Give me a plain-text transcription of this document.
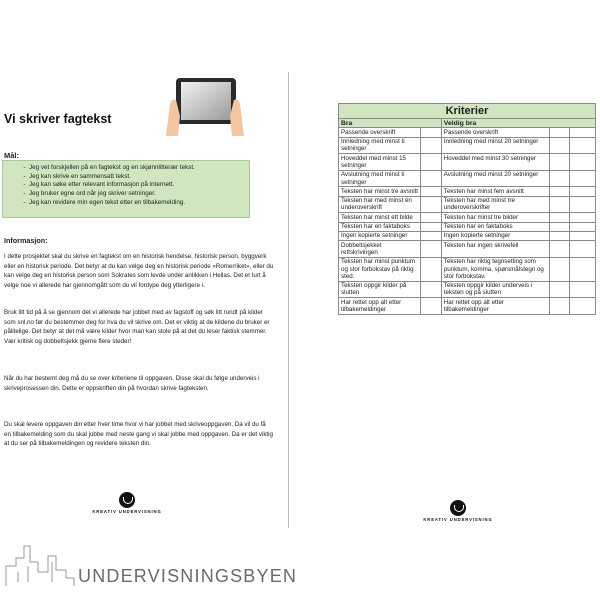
Vi skriver fagtekst
Mål:
- Jeg vet forskjellen på en fagtekst og en skjønnlitterær tekst.
- Jeg kan skrive en sammensatt tekst.
- Jeg kan søke etter relevant informasjon på internett.
- Jeg bruker egne ord når jeg skriver setninger.
- Jeg kan revidere min egen tekst etter en tilbakemelding.
Informasjon:
I dette prosjektet skal du skrive en fagtekst om en historisk hendelse, historisk person, byggverk eller en historisk periode. Det betyr at du kan velge deg en historisk periode «Romerriket», eller du kan velge deg en historisk person som Sokrates som levde under antikken i Hellas. Det er lurt å velge noe vi allerede har gjennomgått som du vil fordype deg ytterligere i.
Bruk litt tid på å se gjennom det vi allerede har jobbet med av fagstoff og søk litt rundt på kilder som snl.no før du bestemmer deg for hva du vil skrive om. Det er viktig at de kildene du bruker er pålitelige. Det betyr at det må være kilder hvor man kan stole på at det du leser faktisk stemmer. Vær kritisk og dobbeltsjekk gjerne flere steder!
Når du har bestemt deg må du se over kriteriene til oppgaven. Disse skal du følge underveis i skriveprosessen din. Dette er oppskriften din på hvordan skrive fagteksten.
Du skal levere oppgaven din etter hver time hvor vi har jobbet med skriveoppgaven. Da vil du få en tilbakemelding som du skal jobbe med neste gang vi skal jobbe med oppgaven. Da er det viktig at du ser på tilbakemeldingen og revidere teksten din.
KREATIV UNDERVISNING
Kriterier				
Bra		Veldig bra		
Passende overskrift		Passende overskrift		
Innledning med minst ti setninger		Innledning med minst 20 setninger		
Hoveddel med minst 15 setninger		Hoveddel med minst 30 setninger		
Avslutning med minst ti setninger		Avslutning med minst 20 setninger		
Teksten har minst tre avsnitt		Teksten har minst fem avsnitt		
Teksten har med minst én underoverskrift		Teksten har med minst tre underoverskrifter		
Teksten har minst ett bilde		Teksten har minst tre bilder		
Teksten har en faktaboks		Teksten har en faktaboks		
Ingen kopierte setninger		Ingen kopierte setninger		
Dobbeltsjekket rettskrivingen		Teksten har ingen skrivefeil		
Teksten har minst punktum og stor forbokstav på riktig sted.		Teksten har riktig tegnsetting som punktum, komma, spørsmålstegn og stor forbokstav.		
Teksten oppgir kilder på slutten		Teksten oppgir kilder underveis i teksten og på slutten		
Har rettet opp alt etter tilbakemeldinger		Har rettet opp alt etter tilbakemeldinger		
KREATIV UNDERVISNING
UNDERVISNINGSBYEN
